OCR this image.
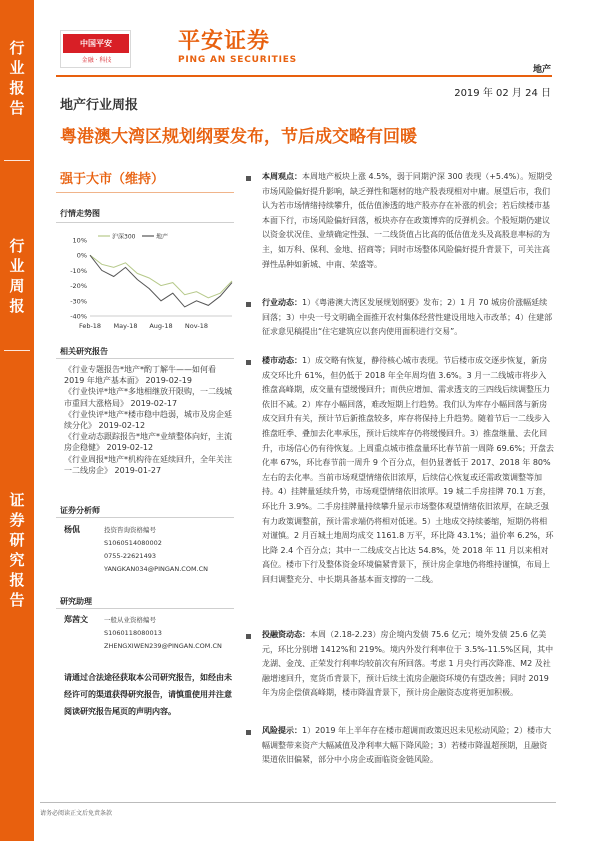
行
业
报
告
行
业
周
报
证
券
研
究
报
告
中国平安
金融 · 科技
平安证券
PING AN SECURITIES
地产
2019 年 02 月 24 日
地产行业周报
粤港澳大湾区规划纲要发布，节后成交略有回暖
强于大市（维持）
行情走势图
10%
0%
-10%
-20%
-30%
-40%
Feb-18 May-18 Aug-18 Nov-18
沪深300	地产
相关研究报告
《行业专题报告*地产*酌丁解牛——如何看 2019 年地产基本面》 2019-02-19
《行业快评*地产*多地相继放开限购，一二线城市重回大涨格局》 2019-02-17
《行业快评*地产*楼市稳中趋弱，城市及房企延续分化》 2019-02-12
《行业动态跟踪报告*地产*业绩整体向好，主流房企稳健》 2019-02-12
《行业周报*地产*机构待在延续回升，全年关注一二线房企》 2019-01-27
证券分析师
杨侃	投资咨询资格编号
S1060514080002
0755-22621493
YANGKAN034@PINGAN.COM.CN
研究助理
郑茜文 一般从业资格编号
S1060118080013
ZHENGXIWEN239@PINGAN.COM.CN
请通过合法途径获取本公司研究报告，如经由未经许可的渠道获得研究报告，请慎重使用并注意阅读研究报告尾页的声明内容。
本周观点：本周地产板块上涨 4.5%，弱于同期沪深 300 表现（+5.4%）。短期受市场风险偏好提升影响，缺乏弹性和题材的地产股表现相对中庸。展望后市，我们认为若市场情绪持续攀升，低估值渗透的地产股亦存在补涨的机会；若后续楼市基本面下行，市场风险偏好回落，板块亦存在政策博弈的反弹机会。个股短期仍建议以资金状况佳、业绩确定性强、一二线货值占比高的低估值龙头及高股息率标的为主，如万科、保利、金地、招商等；同时市场整体风险偏好提升背景下，可关注高弹性品种如新城、中南、荣盛等。
行业动态：1）《粤港澳大湾区发展规划纲要》发布；2）1 月 70 城房价涨幅延续回落；3）中央一号文明确全面推开农村集体经营性建设用地入市改革；4）住建部征求意见稿提出“住宅建筑应以套内使用面积进行交易”。
楼市动态：1）成交略有恢复，静待核心城市表现。节后楼市成交逐步恢复，新房成交环比升 61%，但仍低于 2018 年全年周均值 3.6%。3 月一二线城市将步入推盘高峰期，成交量有望缓慢回升；而供应增加、需求透支的三四线后续调整压力依旧不减。2）库存小幅回落，难改短期上行趋势。我们认为库存小幅回落与新房成交回升有关，预计节后新推盘较多，库存将保持上升趋势。随着节后一二线步入推盘旺季、叠加去化率承压，预计后续库存仍将缓慢回升。3）推盘继量、去化回升，市场信心仍有待恢复。上周重点城市推盘量环比春节前一周降 69.6%；开盘去化率 67%，环比春节前一周升 9 个百分点，但仍显著低于 2017、2018 年 80%左右的去化率。当前市场观望情绪依旧浓厚，后续信心恢复或还需政策调整等加持。4）挂牌量延续升势，市场观望情绪依旧浓厚。19 城二手房挂牌 70.1 万套，环比升 3.9%。二手房挂牌量持续攀升显示市场整体观望情绪依旧浓厚，在缺乏强有力政策调整前，预计需求端仍将相对低迷。5）土地成交持续萎缩，短期仍将相对谨慎。2 月百城土地周均成交 1161.8 万平，环比降 43.1%；溢价率 6.2%，环比降 2.4 个百分点；其中一二线成交占比达 54.8%，处 2018 年 11 月以来相对高位。楼市下行及整体资金环境偏紧背景下，预计房企拿地仍将维持谨慎，布局上回归调整充分、中长期具备基本面支撑的一二线。
投融资动态：本周（2.18-2.23）房企境内发债 75.6 亿元；境外发债 25.6 亿美元，环比分别增 1412%和 219%。境内外发行利率位于 3.5%-11.5%区间，其中龙湖、金茂、正荣发行利率均较前次有所回落。考虑 1 月央行再次降准、M2 及社融增速回升，宽货币背景下，预计后续土流房企融资环境仍有望改善；同时 2019 年为房企偿债高峰期，楼市降温背景下，预计房企融资态度将更加积极。
风险提示：1）2019 年上半年存在楼市超调而政策迟迟未见松动风险；2）楼市大幅调整带来资产大幅减值及净利率大幅下降风险；3）若楼市降温超预期，且融资渠道依旧偏紧，部分中小房企或面临资金链风险。
请务必阅读正文后免责条款
